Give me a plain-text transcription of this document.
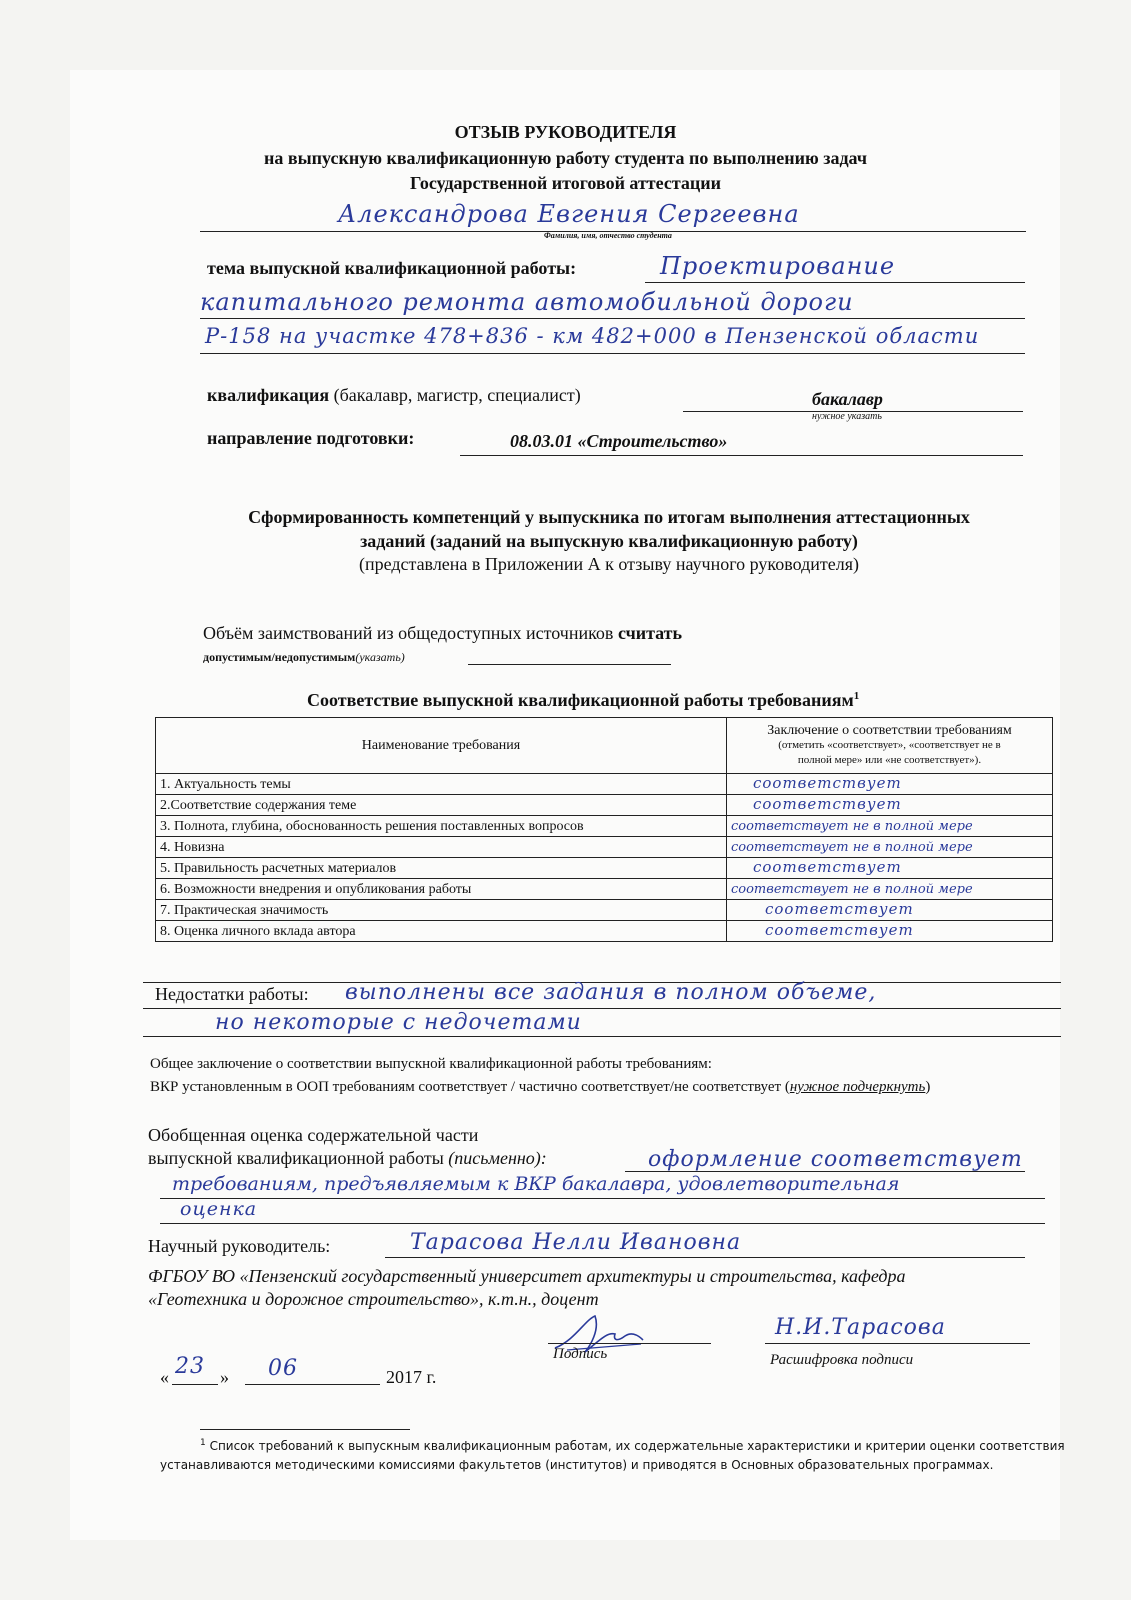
ОТЗЫВ РУКОВОДИТЕЛЯ
на выпускную квалификационную работу студента по выполнению задач
Государственной итоговой аттестации
Александрова Евгения Сергеевна
Фамилия, имя, отчество студента
тема выпускной квалификационной работы:	Проектирование
капитального ремонта автомобильной дороги
Р-158 на участке 478+836 - км 482+000 в Пензенской области
квалификация (бакалавр, магистр, специалист)	бакалавр
нужное указать
направление подготовки:	08.03.01 «Строительство»
Сформированность компетенций у выпускника по итогам выполнения аттестационных
заданий (заданий на выпускную квалификационную работу)
(представлена в Приложении А к отзыву научного руководителя)
Объём заимствований из общедоступных источников считать
допустимым/недопустимым(указать)
Соответствие выпускной квалификационной работы требованиям$^1$
Наименование требования	Заключение о соответствии требованиям
(отметить «соответствует», «соответствует не в
полной мере» или «не соответствует»).

1. Актуальность темы	соответствует
2.Соответствие содержания теме	соответствует
3. Полнота, глубина, обоснованность решения поставленных вопросов	соответствует не в полной мере
4. Новизна	соответствует не в полной мере
5. Правильность расчетных материалов	соответствует
6. Возможности внедрения и опубликования работы	соответствует не в полной мере
7. Практическая значимость	соответствует
8. Оценка личного вклада автора	соответствует
Недостатки работы: выполнены все задания в полном объеме,
но некоторые с недочетами
Общее заключение о соответствии выпускной квалификационной работы требованиям:
ВКР установленным в ООП требованиям соответствует / частично соответствует/не соответствует (нужное подчеркнуть)
Обобщенная оценка содержательной части
выпускной квалификационной работы (письменно):	оформление соответствует
требованиям, предъявляемым к ВКР бакалавра, удовлетворительная
оценка
Научный руководитель:	Тарасова Нелли Ивановна
ФГБОУ ВО «Пензенский государственный университет архитектуры и строительства, кафедра
«Геотехника и дорожное строительство», к.т.н., доцент
Подпись
Н.И.Тарасова
Расшифровка подписи
« 23 » 06	2017 г.
$^1$ Список требований к выпускным квалификационным работам, их содержательные характеристики и критерии оценки соответствия
устанавливаются методическими комиссиями факультетов (институтов) и приводятся в Основных образовательных программах.
